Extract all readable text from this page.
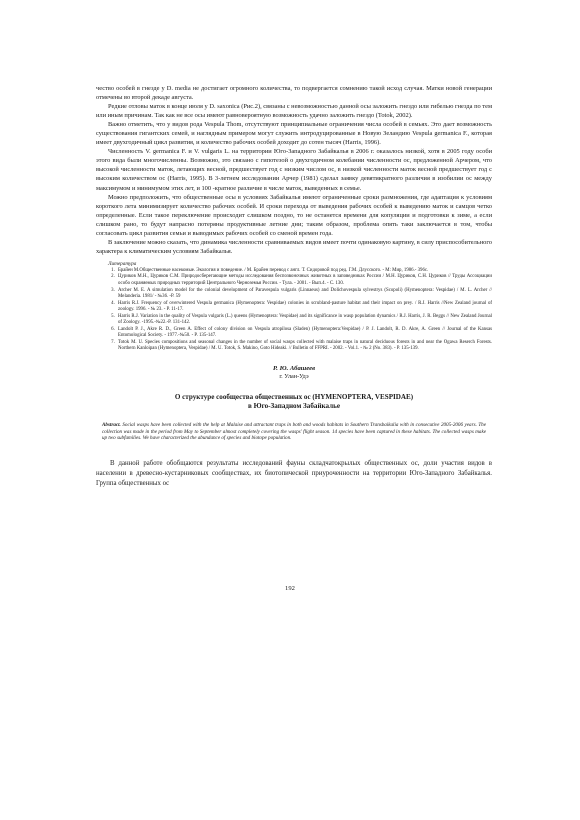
чество особей в гнезде у D. media не достигает огромного количества, то подвергается сомнению такой исход случая. Матки новой генерации отмечены во второй декаде августа.

Редкие отловы маток в конце июля у D. saxonica (Рис.2), связаны с невозможностью данной осы заложить гнездо или гибелью гнезда по тем или иным причинам. Так как не все осы имеют равновероятную возможность удачно заложить гнездо (Totok, 2002).

Важно отметить, что у видов рода Vespula Thom, отсутствуют принципиальные ограничения числа особей в семьях. Это дает возможность существования гигантских семей, и наглядным примером могут служить интродуцированные в Новую Зеландию Vespula germanica F., которая имеет двухгодичный цикл развития, и количество рабочих особей доходит до сотен тысяч (Harris, 1996).

Численность V. germanica F. и V. vulgaris L. на территории Юго-Западного Забайкалья в 2006 г. оказалось низкой, хотя в 2005 году особи этого вида были многочисленны. Возможно, это связано с гипотезой о двухгодичном колебании численности ос, предложенной Арчером, что высокой численности маток, летающих весной, предшествует год с низким числом ос, в низкой численности маток весной предшествует год с высоким количеством ос (Harris, 1995). В 3-летнем исследовании Арчер (1981) сделал заявку девятикратного различия в изобилии ос между максимумом и минимумом этих лет, и 100 -кратное различие в числе маток, выведенных в семье.

Можно предположить, что общественные осы в условиях Забайкалья имеют ограниченные сроки размножения, где адаптация к условиям короткого лета минимизирует количество рабочих особей. И сроки перехода от выведения рабочих особей к выведению маток и самцов четко определенные. Если такое переключение происходит слишком поздно, то не останется времени для копуляции и подготовки к зиме, а если слишком рано, то будут напрасно потеряны продуктивные летние дни; таким образом, проблема опять таки заключается в том, чтобы согласовать цикл развития семьи и выводимых рабочих особей со сменой времен года.

В заключение можно сказать, что динамика численности сравниваемых видов имеет почти одинаковую картину, в силу приспособительного характера к климатическим условиям Забайкалья.

Литература
1. Брайен М.Общественные насекомые. Экология и поведение. / М. Брайен перевод с англ. Т. Сидоровой под ред. Г.М. Длусского. - М: Мир, 1986.- 396с.
2. Цуриков М.Н., Цуриков С.М. Природосберегающие методы исследования беспозвоночных животных в заповедниках России / М.Н. Цуриков, С.Н. Цуриков // Труды Ассоциации особо охраняемых природных территорий Центрального Черноземья России. - Тула. - 2001. - Вып.4. - С. 130.
3. Archer M. E. A simulation model for the colonial development of Paravespula vulgaris (Linnaeus) and Dolichovespula sylvestrys (Scopoli) (Hymenoptera: Vespidae) / M. L. Archer // Melanderia. 1981/ - №36. -P. 59
4. Harris R.J. Frequency of overwintered Vespula germanica (Hymenoptera: Vespidae) colonies in scrubland-pasture habitat and their impact on prey. / R.J. Harris //New Zealand journal of zoology. 1996. - № 23. - P. 11-17.
5. Harris R.J. Variation in the quality of Vespula vulgaris (L.) queens (Hymenoptera: Vespidae) and its significance in wasp population dynamics / R.J. Harris, J. R. Beggs // New Zealand Journal of Zoology. -1995.-№22.-P. 131-142.
6. Landolt P. J., Akre R. D., Green A. Effect of colony division on Vespula atropilosa (Sladen) (Hymenoptera:Vespidae) / P. J. Landolt, R. D. Akre, A. Green // Journal of the Kansas Entomological Society. - 1977.-№50. - P. 135-147.
7. Totok M. U. Species compositions and seasonal changes in the number of social wasps collected with malaise traps in natural deciduous forests in and near the Ogawa Reserch Forests. Northern Kanloipan (Hymenoptera, Vespidae) / M. U. Totok, S. Makino, Goto Hideaki. // Bulletin of FFPRI. - 2002. - Vol.1. - № 2 (No. 383). - P. 135-139.
Р. Ю. Абашеев
г. Улан-Удэ
О структуре сообщества общественных ос (HYMENOPTERA, VESPIDAE)
в Юго-Западном Забайкалье

Abstract. Social wasps have been collected with the help at Malaise and attractant traps in both and woods habitats in Southern Transbaikalia with in consecutive 2005-2006 years. The collection was made in the period from May to September almost completely covering the wasps' flight season. 14 species have been captured in these habitats. The collected wasps make up two subfamilies. We have characterized the abundance of species and biotope population.

В данной работе обобщаются результаты исследований фауны складчатокрылых общественных ос, доли участия видов в населении в древесно-кустарниковых сообществах, их биотопической приуроченности на территории Юго-Западного Забайкалья. Группа общественных ос

192
